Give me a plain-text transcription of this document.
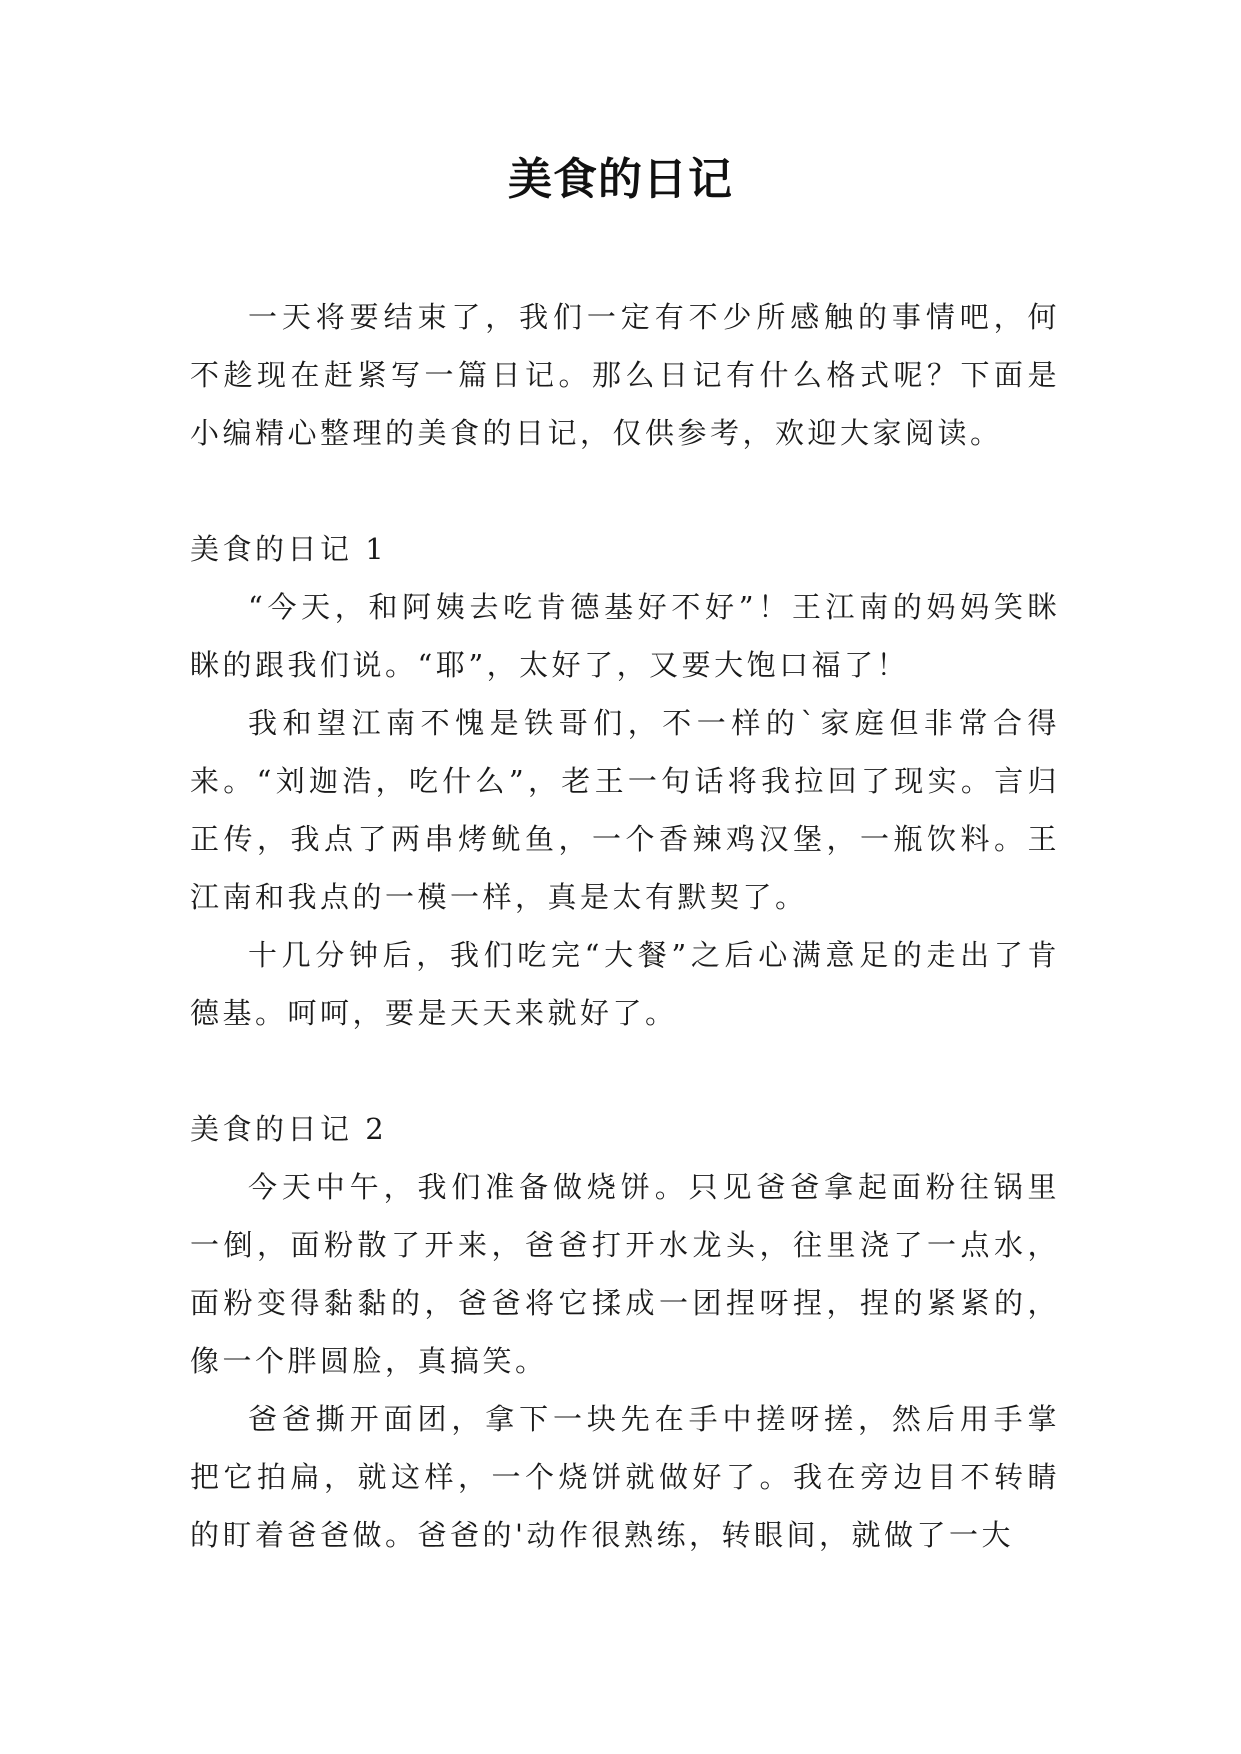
美食的日记

一天将要结束了，我们一定有不少所感触的事情吧，何不趁现在赶紧写一篇日记。那么日记有什么格式呢？下面是小编精心整理的美食的日记，仅供参考，欢迎大家阅读。

美食的日记 1

“今天，和阿姨去吃肯德基好不好”！王江南的妈妈笑眯眯的跟我们说。“耶”，太好了，又要大饱口福了！

我和望江南不愧是铁哥们，不一样的`家庭但非常合得来。“刘迦浩，吃什么”，老王一句话将我拉回了现实。言归正传，我点了两串烤鱿鱼，一个香辣鸡汉堡，一瓶饮料。王江南和我点的一模一样，真是太有默契了。

十几分钟后，我们吃完“大餐”之后心满意足的走出了肯德基。呵呵，要是天天来就好了。

美食的日记 2

今天中午，我们准备做烧饼。只见爸爸拿起面粉往锅里一倒，面粉散了开来，爸爸打开水龙头，往里浇了一点水，面粉变得黏黏的，爸爸将它揉成一团捏呀捏，捏的紧紧的，像一个胖圆脸，真搞笑。

爸爸撕开面团，拿下一块先在手中搓呀搓，然后用手掌把它拍扁，就这样，一个烧饼就做好了。我在旁边目不转睛的盯着爸爸做。爸爸的'动作很熟练，转眼间，就做了一大
